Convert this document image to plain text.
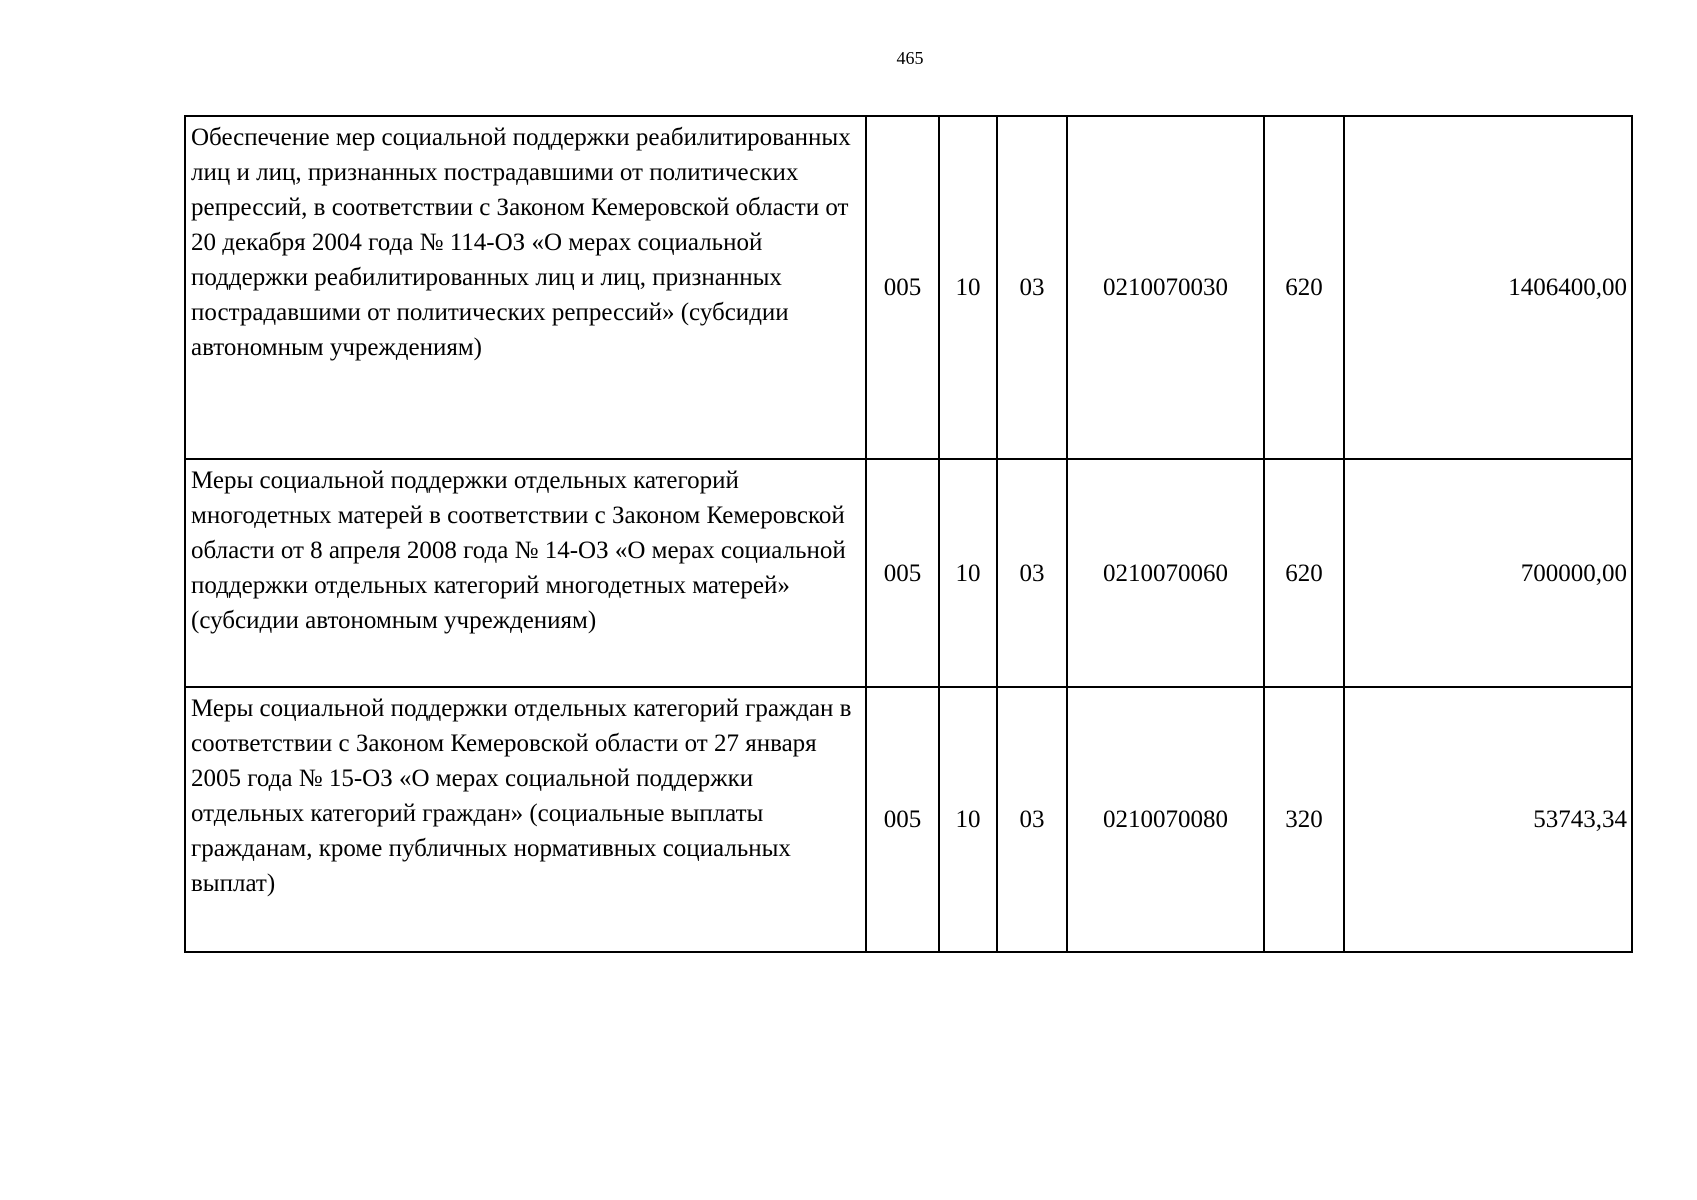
465
Обеспечение мер социальной поддержки реабилитированных лиц и лиц, признанных пострадавшими от политических репрессий, в соответствии с Законом Кемеровской области от 20 декабря 2004 года № 114-ОЗ «О мерах социальной поддержки реабилитированных лиц и лиц, признанных пострадавшими от политических репрессий» (субсидии автономным учреждениям)	005	10	03	0210070030	620	1406400,00
Меры социальной поддержки отдельных категорий многодетных матерей в соответствии с Законом Кемеровской области от 8 апреля 2008 года № 14-ОЗ «О мерах социальной поддержки отдельных категорий многодетных матерей» (субсидии автономным учреждениям)	005	10	03	0210070060	620	700000,00
Меры социальной поддержки отдельных категорий граждан в соответствии с Законом Кемеровской области от 27 января 2005 года № 15-ОЗ «О мерах социальной поддержки отдельных категорий граждан» (социальные выплаты гражданам, кроме публичных нормативных социальных выплат)	005	10	03	0210070080	320	53743,34
